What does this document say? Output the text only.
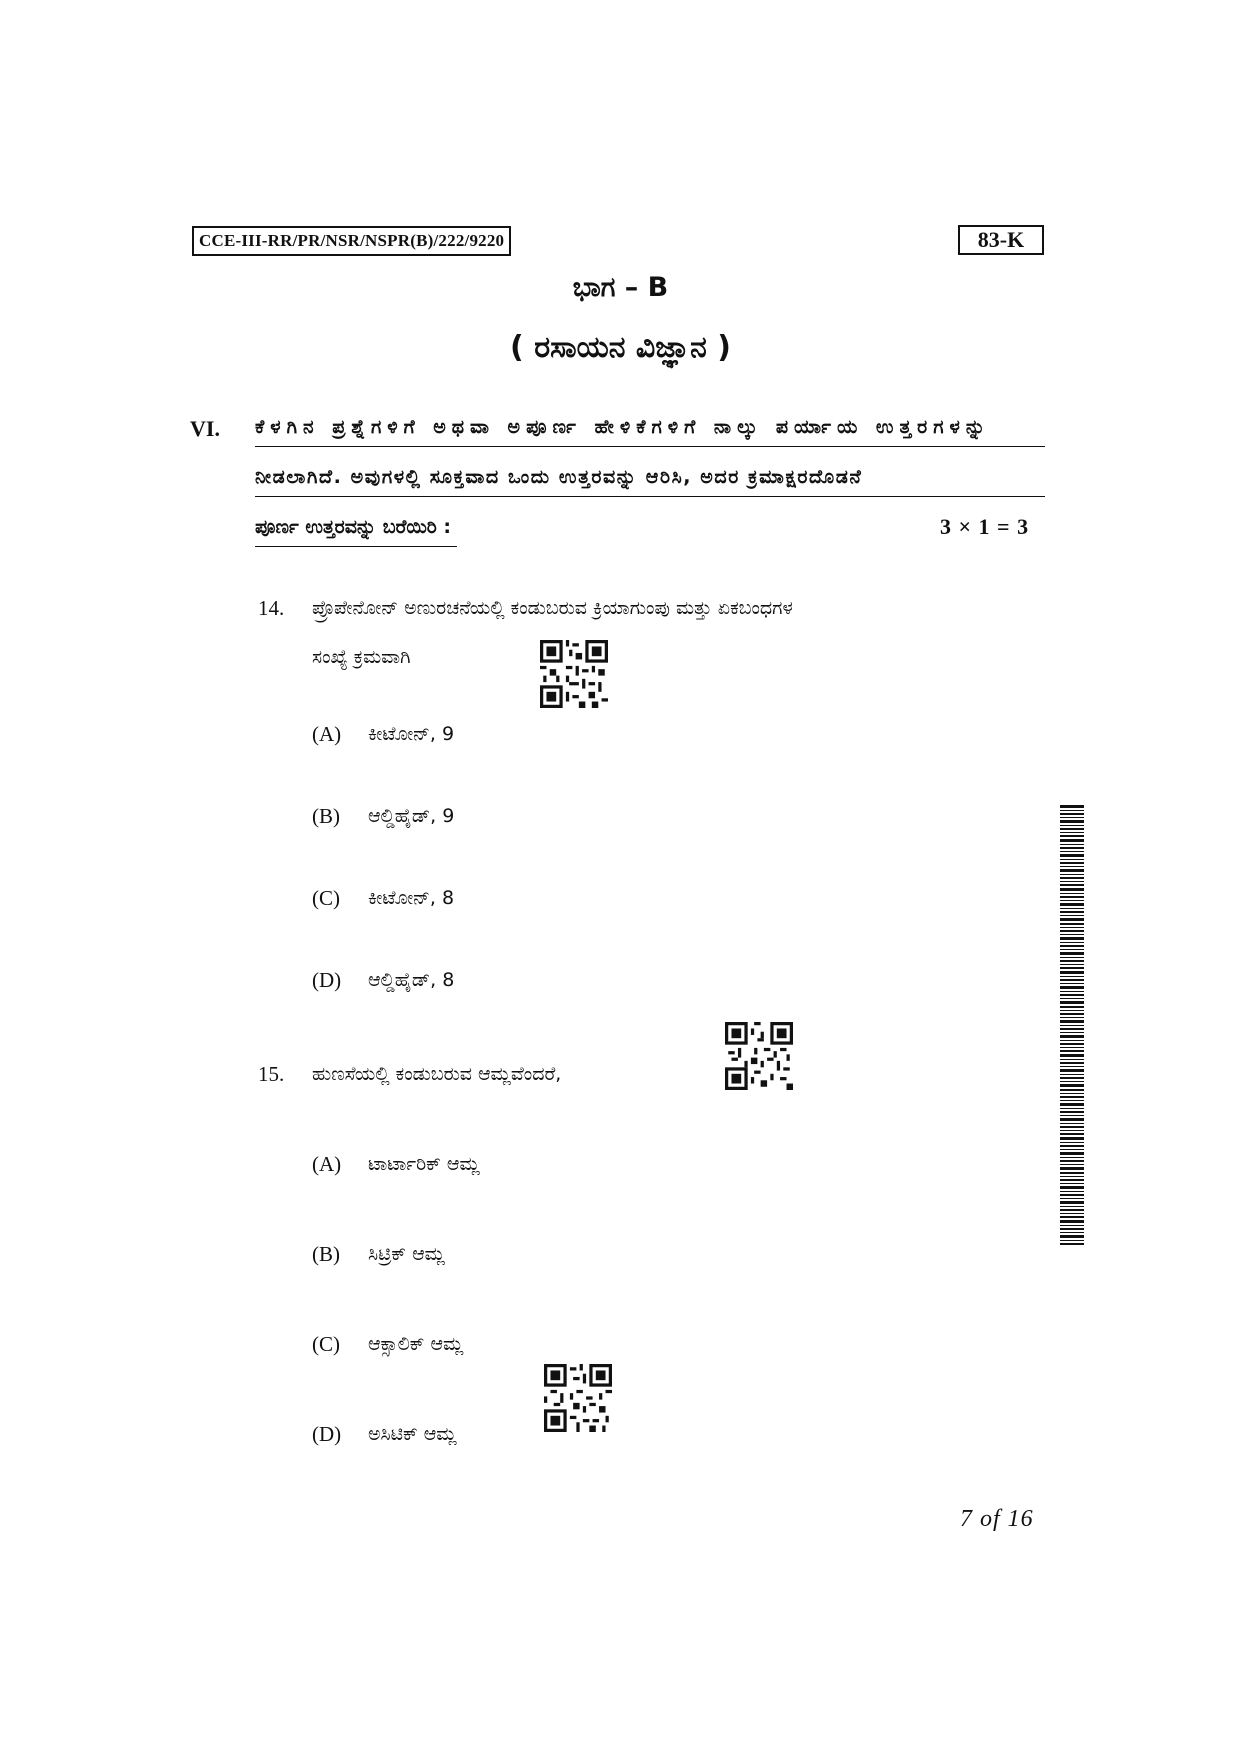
CCE-III-RR/PR/NSR/NSPR(B)/222/9220	83-K
ಭಾಗ – B
( ರಸಾಯನ ವಿಜ್ಞಾನ )
VI. ಕೆಳಗಿನ ಪ್ರಶ್ನೆಗಳಿಗೆ ಅಥವಾ ಅಪೂರ್ಣ ಹೇಳಿಕೆಗಳಿಗೆ ನಾಲ್ಕು ಪರ್ಯಾಯ ಉತ್ತರಗಳನ್ನು
ನೀಡಲಾಗಿದೆ. ಅವುಗಳಲ್ಲಿ ಸೂಕ್ತವಾದ ಒಂದು ಉತ್ತರವನ್ನು ಆರಿಸಿ, ಅದರ ಕ್ರಮಾಕ್ಷರದೊಡನೆ
ಪೂರ್ಣ ಉತ್ತರವನ್ನು ಬರೆಯಿರಿ :	3 × 1 = 3
14. ಪ್ರೊಪೇನೋನ್ ಅಣುರಚನೆಯಲ್ಲಿ ಕಂಡುಬರುವ ಕ್ರಿಯಾಗುಂಪು ಮತ್ತು ಏಕಬಂಧಗಳ
ಸಂಖ್ಯೆ ಕ್ರಮವಾಗಿ
(A) ಕೀಟೋನ್, 9
(B) ಆಲ್ಡಿಹೈಡ್, 9
(C) ಕೀಟೋನ್, 8
(D) ಆಲ್ಡಿಹೈಡ್, 8
15. ಹುಣಸೆಯಲ್ಲಿ ಕಂಡುಬರುವ ಆಮ್ಲವೆಂದರೆ,
(A) ಟಾರ್ಟಾರಿಕ್ ಆಮ್ಲ
(B) ಸಿಟ್ರಿಕ್ ಆಮ್ಲ
(C) ಆಕ್ಸಾಲಿಕ್ ಆಮ್ಲ
(D) ಅಸಿಟಿಕ್ ಆಮ್ಲ
7 of 16
